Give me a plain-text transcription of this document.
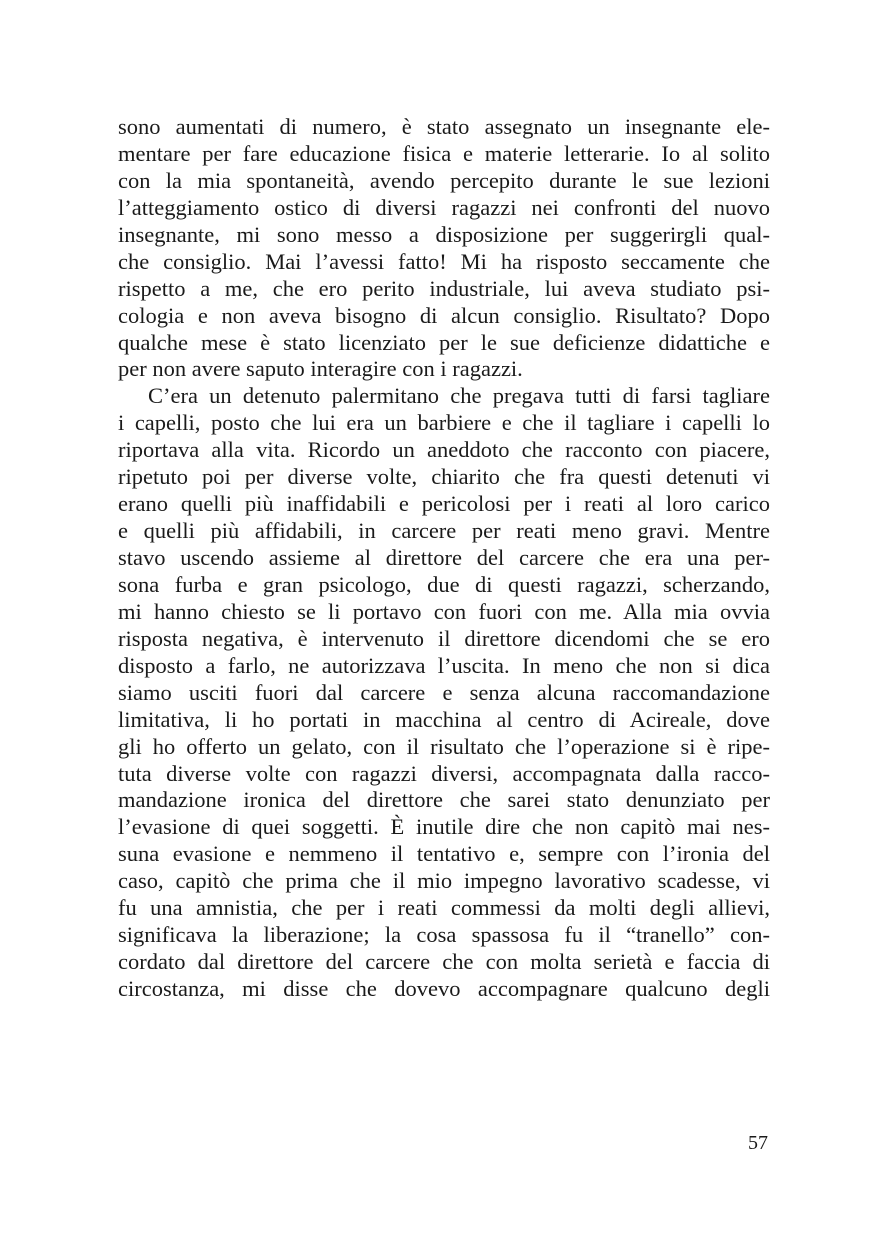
sono aumentati di numero, è stato assegnato un insegnante ele-
mentare per fare educazione fisica e materie letterarie. Io al solito
con la mia spontaneità, avendo percepito durante le sue lezioni
l’atteggiamento ostico di diversi ragazzi nei confronti del nuovo
insegnante, mi sono messo a disposizione per suggerirgli qual-
che consiglio. Mai l’avessi fatto! Mi ha risposto seccamente che
rispetto a me, che ero perito industriale, lui aveva studiato psi-
cologia e non aveva bisogno di alcun consiglio. Risultato? Dopo
qualche mese è stato licenziato per le sue deficienze didattiche e
per non avere saputo interagire con i ragazzi.
C’era un detenuto palermitano che pregava tutti di farsi tagliare
i capelli, posto che lui era un barbiere e che il tagliare i capelli lo
riportava alla vita. Ricordo un aneddoto che racconto con piacere,
ripetuto poi per diverse volte, chiarito che fra questi detenuti vi
erano quelli più inaffidabili e pericolosi per i reati al loro carico
e quelli più affidabili, in carcere per reati meno gravi. Mentre
stavo uscendo assieme al direttore del carcere che era una per-
sona furba e gran psicologo, due di questi ragazzi, scherzando,
mi hanno chiesto se li portavo con fuori con me. Alla mia ovvia
risposta negativa, è intervenuto il direttore dicendomi che se ero
disposto a farlo, ne autorizzava l’uscita. In meno che non si dica
siamo usciti fuori dal carcere e senza alcuna raccomandazione
limitativa, li ho portati in macchina al centro di Acireale, dove
gli ho offerto un gelato, con il risultato che l’operazione si è ripe-
tuta diverse volte con ragazzi diversi, accompagnata dalla racco-
mandazione ironica del direttore che sarei stato denunziato per
l’evasione di quei soggetti. È inutile dire che non capitò mai nes-
suna evasione e nemmeno il tentativo e, sempre con l’ironia del
caso, capitò che prima che il mio impegno lavorativo scadesse, vi
fu una amnistia, che per i reati commessi da molti degli allievi,
significava la liberazione; la cosa spassosa fu il “tranello” con-
cordato dal direttore del carcere che con molta serietà e faccia di
circostanza, mi disse che dovevo accompagnare qualcuno degli
57
